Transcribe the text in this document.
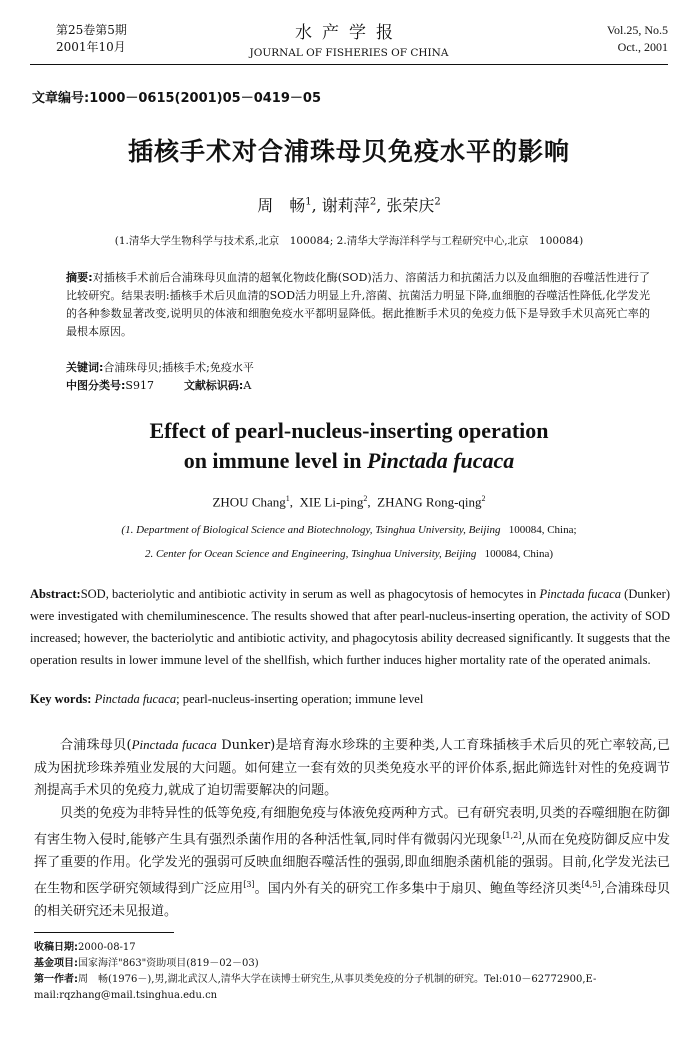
第25卷第5期
2001年10月
水产学报
JOURNAL OF FISHERIES OF CHINA
Vol.25, No.5
Oct., 2001
文章编号:1000－0615(2001)05－0419－05
插核手术对合浦珠母贝免疫水平的影响
周　畅$^1$, 谢莉萍$^2$, 张荣庆$^2$
(1.清华大学生物科学与技术系,北京　100084; 2.清华大学海洋科学与工程研究中心,北京　100084)
摘要:对插核手术前后合浦珠母贝血清的超氧化物歧化酶(SOD)活力、溶菌活力和抗菌活力以及血细胞的吞噬活性进行了比较研究。结果表明:插核手术后贝血清的SOD活力明显上升,溶菌、抗菌活力明显下降,血细胞的吞噬活性降低,化学发光的各种参数显著改变,说明贝的体液和细胞免疫水平都明显降低。据此推断手术贝的免疫力低下是导致手术贝高死亡率的最根本原因。
关键词:合浦珠母贝;插核手术;免疫水平
中图分类号:S917	文献标识码:A
Effect of pearl-nucleus-inserting operation
on immune level in Pinctada fucaca
ZHOU Chang$^1$,  XIE Li-ping$^2$,  ZHANG Rong-qing$^2$
(1. Department of Biological Science and Biotechnology, Tsinghua University, Beijing 100084, China;
2. Center for Ocean Science and Engineering, Tsinghua University, Beijing 100084, China)
Abstract:SOD, bacteriolytic and antibiotic activity in serum as well as phagocytosis of hemocytes in Pinctada fucaca (Dunker) were investigated with chemiluminescence. The results showed that after pearl-nucleus-inserting operation, the activity of SOD increased; however, the bacteriolytic and antibiotic activity, and phagocytosis ability decreased significantly. It suggests that the operation results in lower immune level of the shellfish, which further induces higher mortality rate of the operated animals.
Key words: Pinctada fucaca; pearl-nucleus-inserting operation; immune level

合浦珠母贝(Pinctada fucaca Dunker)是培育海水珍珠的主要种类,人工育珠插核手术后贝的死亡率较高,已成为困扰珍珠养殖业发展的大问题。如何建立一套有效的贝类免疫水平的评价体系,据此筛选针对性的免疫调节剂提高手术贝的免疫力,就成了迫切需要解决的问题。

贝类的免疫为非特异性的低等免疫,有细胞免疫与体液免疫两种方式。已有研究表明,贝类的吞噬细胞在防御有害生物入侵时,能够产生具有强烈杀菌作用的各种活性氧,同时伴有微弱闪光现象[1,2],从而在免疫防御反应中发挥了重要的作用。化学发光的强弱可反映血细胞吞噬活性的强弱,即血细胞杀菌机能的强弱。目前,化学发光法已在生物和医学研究领域得到广泛应用[3]。国内外有关的研究工作多集中于扇贝、鲍鱼等经济贝类[4,5],合浦珠母贝的相关研究还未见报道。

收稿日期:2000-08-17
基金项目:国家海洋"863"资助项目(819－02－03)
第一作者:周　畅(1976－),男,湖北武汉人,清华大学在读博士研究生,从事贝类免疫的分子机制的研究。Tel:010－62772900,E-mail:rqzhang@mail.tsinghua.edu.cn
